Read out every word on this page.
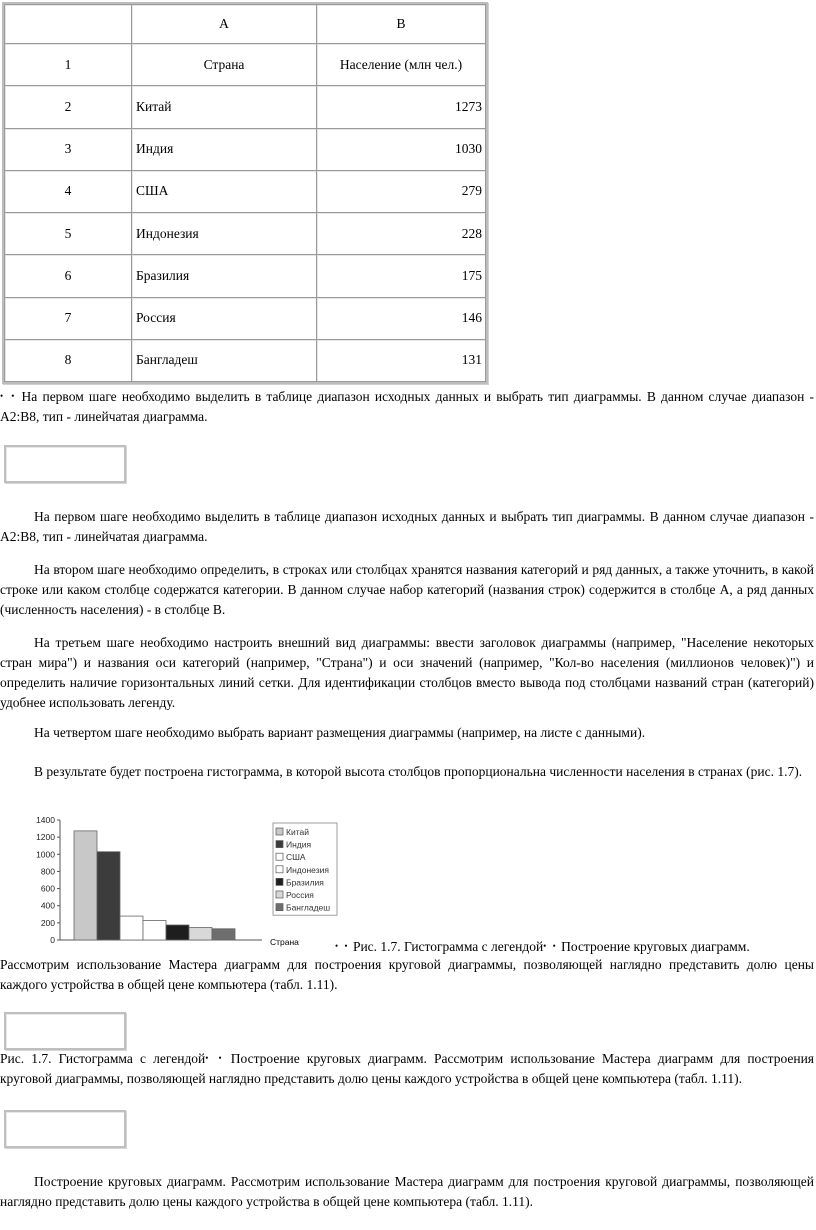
	A	B
1	Страна	Население (млн чел.)
2	Китай	1273
3	Индия	1030
4	США	279
5	Индонезия	228
6	Бразилия	175
7	Россия	146
8	Бангладеш	131
• • На первом шаге необходимо выделить в таблице диапазон исходных данных и выбрать тип диаграммы. В данном случае диапазон - A2:B8, тип - линейчатая диаграмма.
На первом шаге необходимо выделить в таблице диапазон исходных данных и выбрать тип диаграммы. В данном случае диапазон - A2:B8, тип - линейчатая диаграмма.
На втором шаге необходимо определить, в строках или столбцах хранятся названия категорий и ряд данных, а также уточнить, в какой строке или каком столбце содержатся категории. В данном случае набор категорий (названия строк) содержится в столбце A, а ряд данных (численность населения) - в столбце B.
На третьем шаге необходимо настроить внешний вид диаграммы: ввести заголовок диаграммы (например, "Население некоторых стран мира") и названия оси категорий (например, "Страна") и оси значений (например, "Кол-во населения (миллионов человек)") и определить наличие горизонтальных линий сетки. Для идентификации столбцов вместо вывода под столбцами названий стран (категорий) удобнее использовать легенду.
На четвертом шаге необходимо выбрать вариант размещения диаграммы (например, на листе с данными).
В результате будет построена гистограмма, в которой высота столбцов пропорциональна численности населения в странах (рис. 1.7).
0
200
400
600
800
1000
1200
1400
Китай
Индия
США
Индонезия
Бразилия
Россия
Бангладеш
Страна	• • Рис. 1.7. Гистограмма с легендой• • Построение круговых диаграмм.
Рассмотрим использование Мастера диаграмм для построения круговой диаграммы, позволяющей наглядно представить долю цены каждого устройства в общей цене компьютера (табл. 1.11).
Рис. 1.7. Гистограмма с легендой• • Построение круговых диаграмм. Рассмотрим использование Мастера диаграмм для построения круговой диаграммы, позволяющей наглядно представить долю цены каждого устройства в общей цене компьютера (табл. 1.11).
Построение круговых диаграмм. Рассмотрим использование Мастера диаграмм для построения круговой диаграммы, позволяющей наглядно представить долю цены каждого устройства в общей цене компьютера (табл. 1.11).
